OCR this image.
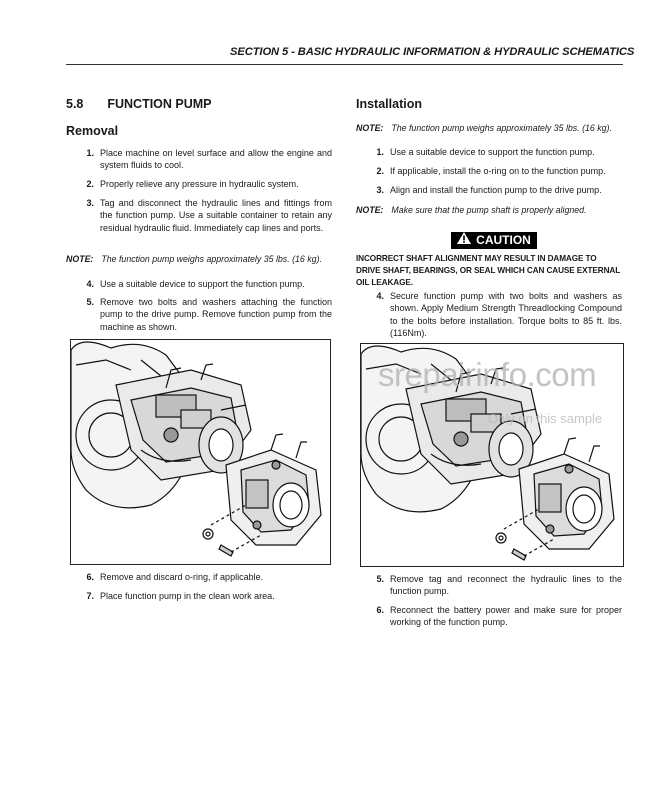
SECTION 5 - BASIC HYDRAULIC INFORMATION & HYDRAULIC SCHEMATICS
5.8 FUNCTION PUMP
Removal
1. Place machine on level surface and allow the engine and system fluids to cool.
2. Properly relieve any pressure in hydraulic system.
3. Tag and disconnect the hydraulic lines and fittings from the function pump. Use a suitable container to retain any residual hydraulic fluid. Immediately cap lines and ports.
NOTE: The function pump weighs approximately 35 lbs. (16 kg).
4. Use a suitable device to support the function pump.
5. Remove two bolts and washers attaching the function pump to the drive pump. Remove function pump from the machine as shown.
6. Remove and discard o-ring, if applicable.
7. Place function pump in the clean work area.
Installation
NOTE: The function pump weighs approximately 35 lbs. (16 kg).
1. Use a suitable device to support the function pump.
2. If applicable, install the o-ring on to the function pump.
3. Align and install the function pump to the drive pump.
NOTE: Make sure that the pump shaft is properly aligned.
CAUTION
INCORRECT SHAFT ALIGNMENT MAY RESULT IN DAMAGE TO DRIVE SHAFT, BEARINGS, OR SEAL WHICH CAN CAUSE EXTERNAL OIL LEAKAGE.
4. Secure function pump with two bolts and washers as shown. Apply Medium Strength Threadlocking Compound to the bolts before installation. Torque bolts to 85 ft. lbs. (116Nm).
srepairinfo.com
Only on this sample
5. Remove tag and reconnect the hydraulic lines to the function pump.
6. Reconnect the battery power and make sure for proper working of the function pump.
